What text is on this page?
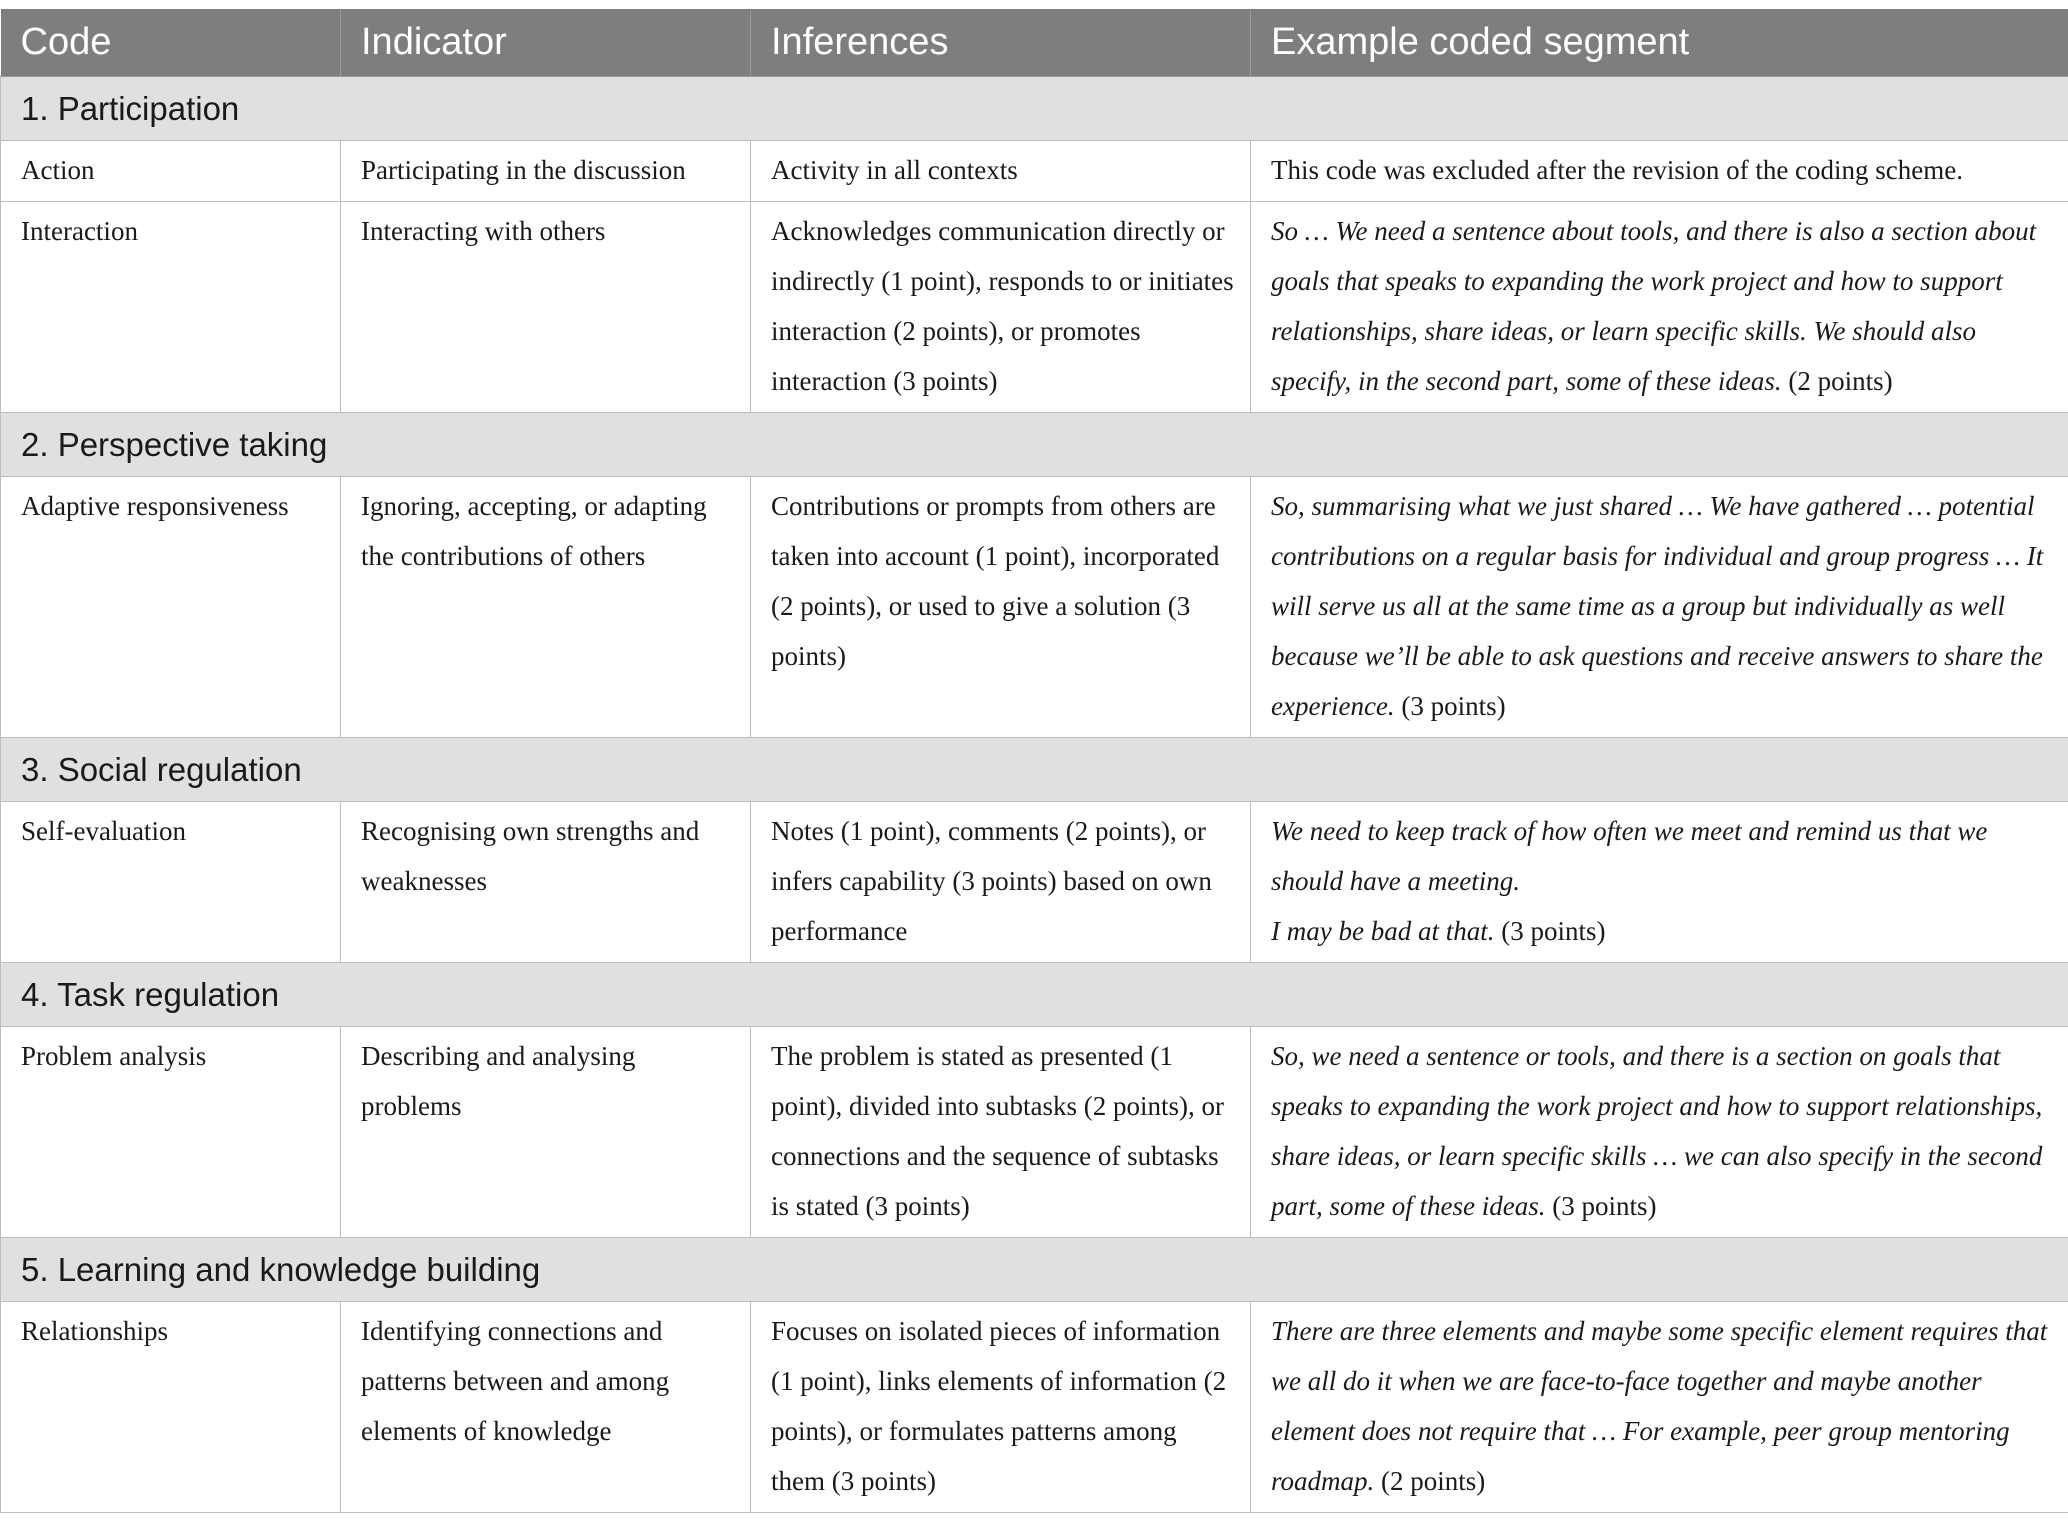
Code	Indicator	Inferences	Example coded segment
1. Participation			
Action	Participating in the discussion	Activity in all contexts	This code was excluded after the revision of the coding scheme.

Interaction	Interacting with others	Acknowledges communication directly or indirectly (1 point), responds to or initiates interaction (2 points), or promotes interaction (3 points)	So … We need a sentence about tools, and there is also a section about goals that speaks to expanding the work project and how to support relationships, share ideas, or learn specific skills. We should also specify, in the second part, some of these ideas. (2 points)

2. Perspective taking			
Adaptive responsiveness	Ignoring, accepting, or adapting the contributions of others	Contributions or prompts from others are taken into account (1 point), incorporated (2 points), or used to give a solution (3 points)	So, summarising what we just shared … We have gathered … potential contributions on a regular basis for individual and group progress … It will serve us all at the same time as a group but individually as well because we’ll be able to ask questions and receive answers to share the experience. (3 points)

3. Social regulation			
Self-evaluation	Recognising own strengths and weaknesses	Notes (1 point), comments (2 points), or infers capability (3 points) based on own performance	We need to keep track of how often we meet and remind us that we should have a meeting.
I may be bad at that. (3 points)

4. Task regulation			
Problem analysis	Describing and analysing problems	The problem is stated as presented (1 point), divided into subtasks (2 points), or connections and the sequence of subtasks is stated (3 points)	So, we need a sentence or tools, and there is a section on goals that speaks to expanding the work project and how to support relationships, share ideas, or learn specific skills … we can also specify in the second part, some of these ideas. (3 points)

5. Learning and knowledge building			
Relationships	Identifying connections and patterns between and among elements of knowledge	Focuses on isolated pieces of information (1 point), links elements of information (2 points), or formulates patterns among them (3 points)	There are three elements and maybe some specific element requires that we all do it when we are face-to-face together and maybe another element does not require that … For example, peer group mentoring roadmap. (2 points)
